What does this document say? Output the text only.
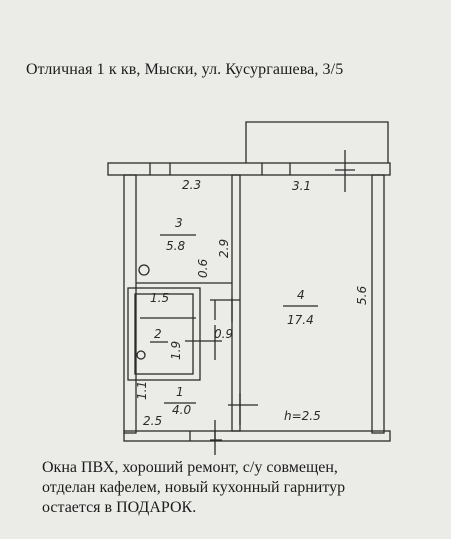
Отличная 1 к кв, Мыски, ул. Кусургашева, 3/5
3
5.8
4
17.4
2
1
4.0
2.3	3.1
1.5
0.9
2.5	h=2.5
2.9
5.6
0.6
1.9
1.1
Окна ПВХ, хороший ремонт, с/у совмещен,
отделан кафелем, новый кухонный гарнитур
остается в ПОДАРОК.
